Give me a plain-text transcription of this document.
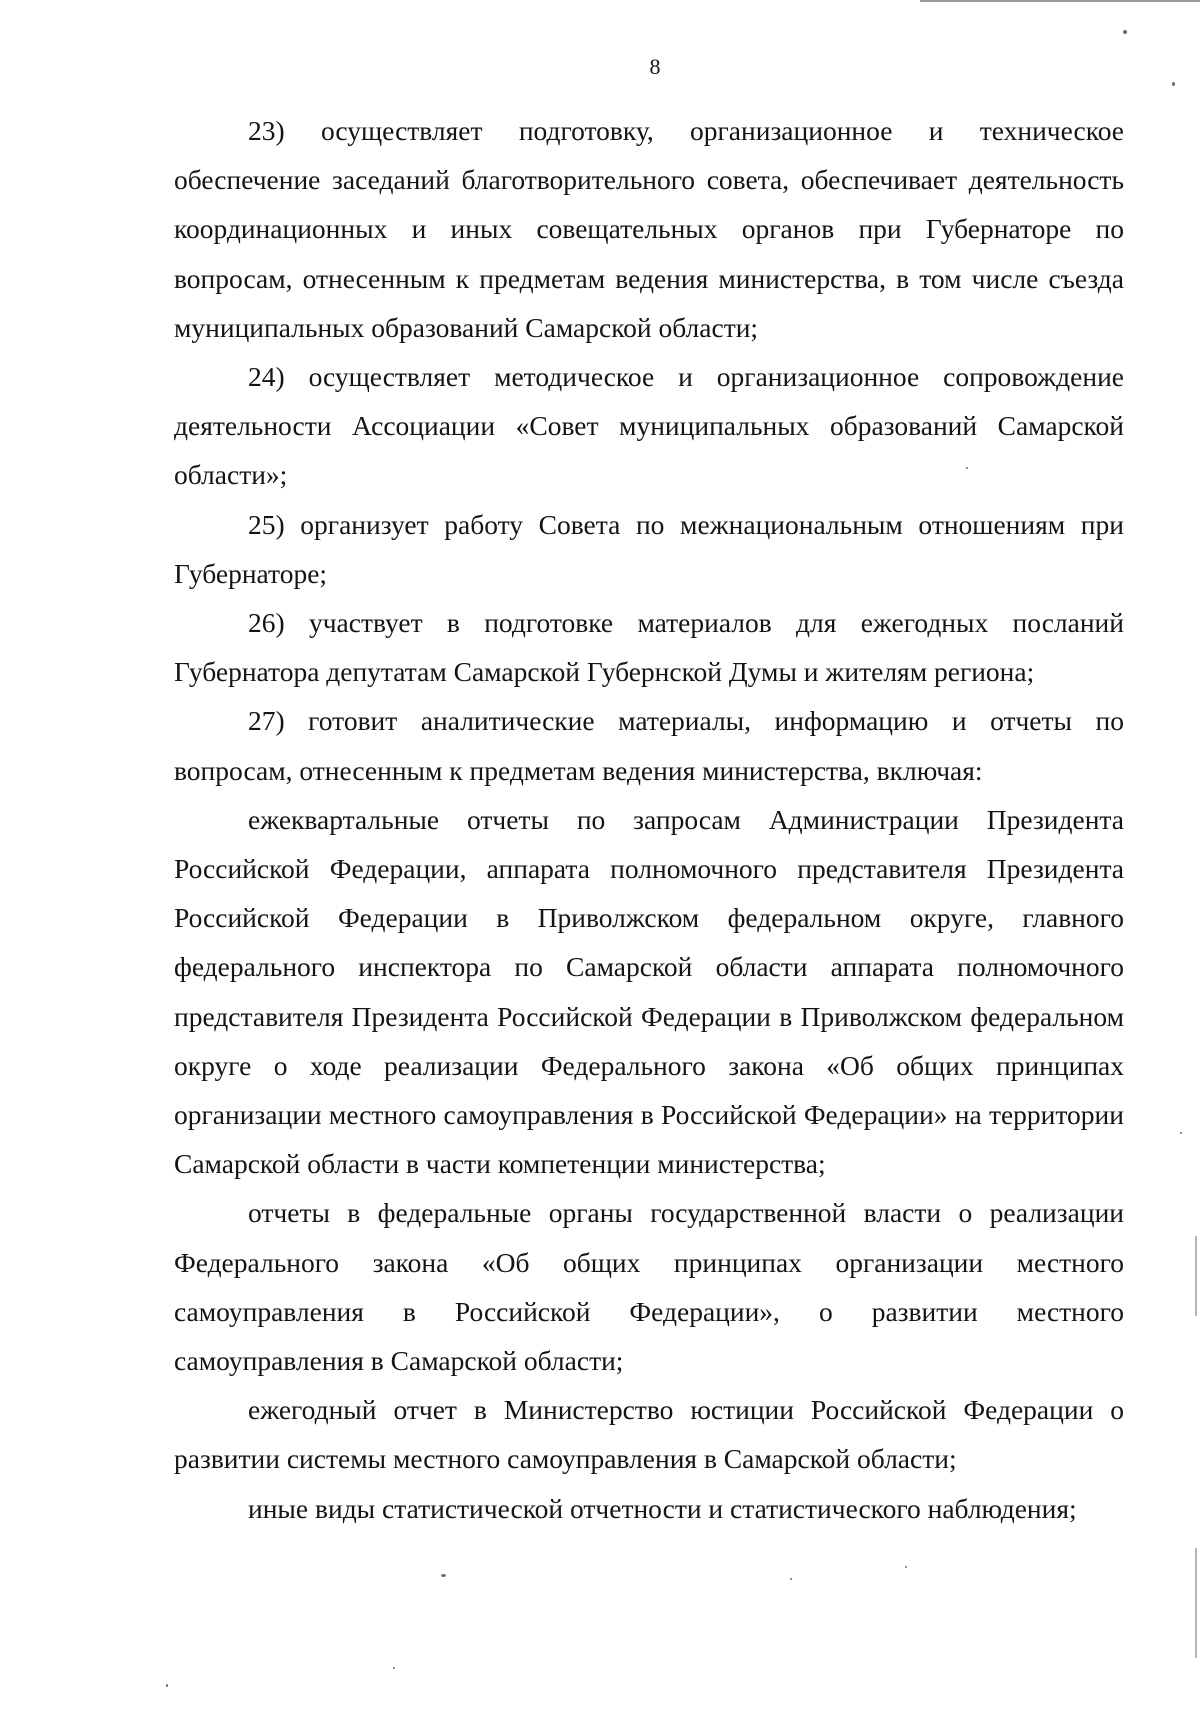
8

23) осуществляет подготовку, организационное и техническое обеспечение заседаний благотворительного совета, обеспечивает деятельность координационных и иных совещательных органов при Губернаторе по вопросам, отнесенным к предметам ведения министерства, в том числе съезда муниципальных образований Самарской области;

24) осуществляет методическое и организационное сопровождение деятельности Ассоциации «Совет муниципальных образований Самарской области»;

25) организует работу Совета по межнациональным отношениям при Губернаторе;

26) участвует в подготовке материалов для ежегодных посланий Губернатора депутатам Самарской Губернской Думы и жителям региона;

27) готовит аналитические материалы, информацию и отчеты по вопросам, отнесенным к предметам ведения министерства, включая:

ежеквартальные отчеты по запросам Администрации Президента Российской Федерации, аппарата полномочного представителя Президента Российской Федерации в Приволжском федеральном округе, главного федерального инспектора по Самарской области аппарата полномочного представителя Президента Российской Федерации в Приволжском федеральном округе о ходе реализации Федерального закона «Об общих принципах организации местного самоуправления в Российской Федерации» на территории Самарской области в части компетенции министерства;

отчеты в федеральные органы государственной власти о реализации Федерального закона «Об общих принципах организации местного самоуправления в Российской Федерации», о развитии местного самоуправления в Самарской области;

ежегодный отчет в Министерство юстиции Российской Федерации о развитии системы местного самоуправления в Самарской области;

иные виды статистической отчетности и статистического наблюдения;
